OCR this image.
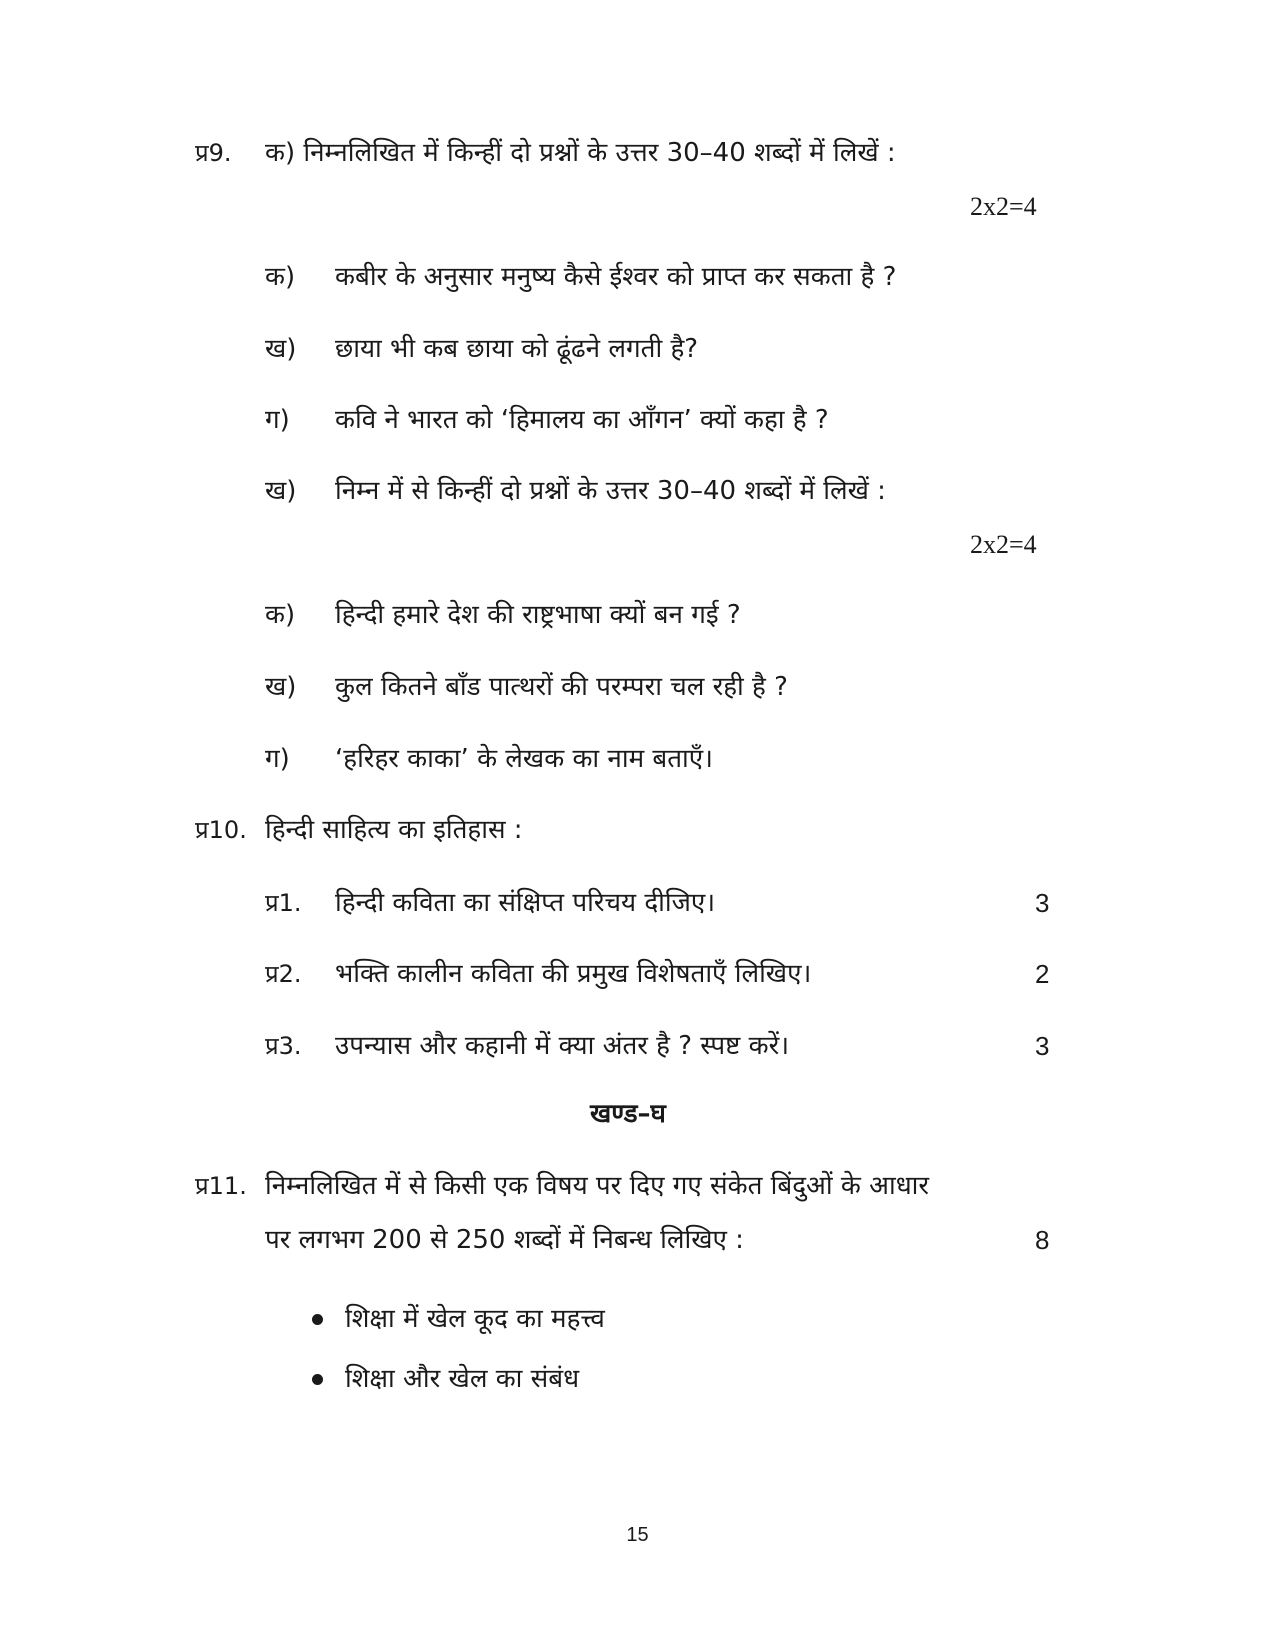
प्र9. क) निम्नलिखित में किन्हीं दो प्रश्नों के उत्तर 30–40 शब्दों में लिखें :
2x2=4
क) कबीर के अनुसार मनुष्य कैसे ईश्वर को प्राप्त कर सकता है ?
ख) छाया भी कब छाया को ढूंढने लगती है?
ग) कवि ने भारत को ‘हिमालय का आँगन’ क्यों कहा है ?
ख) निम्न में से किन्हीं दो प्रश्नों के उत्तर 30–40 शब्दों में लिखें :
2x2=4
क) हिन्दी हमारे देश की राष्ट्रभाषा क्यों बन गई ?
ख) कुल कितने बाँड पात्थरों की परम्परा चल रही है ?
ग) ‘हरिहर काका’ के लेखक का नाम बताएँ।
प्र10. हिन्दी साहित्य का इतिहास :
प्र1. हिन्दी कविता का संक्षिप्त परिचय दीजिए।	3
प्र2. भक्ति कालीन कविता की प्रमुख विशेषताएँ लिखिए।	2
प्र3. उपन्यास और कहानी में क्या अंतर है ? स्पष्ट करें।	3
खण्ड–घ
प्र11. निम्नलिखित में से किसी एक विषय पर दिए गए संकेत बिंदुओं के आधार
पर लगभग 200 से 250 शब्दों में निबन्ध लिखिए :	8
शिक्षा में खेल कूद का महत्त्व
शिक्षा और खेल का संबंध
15
